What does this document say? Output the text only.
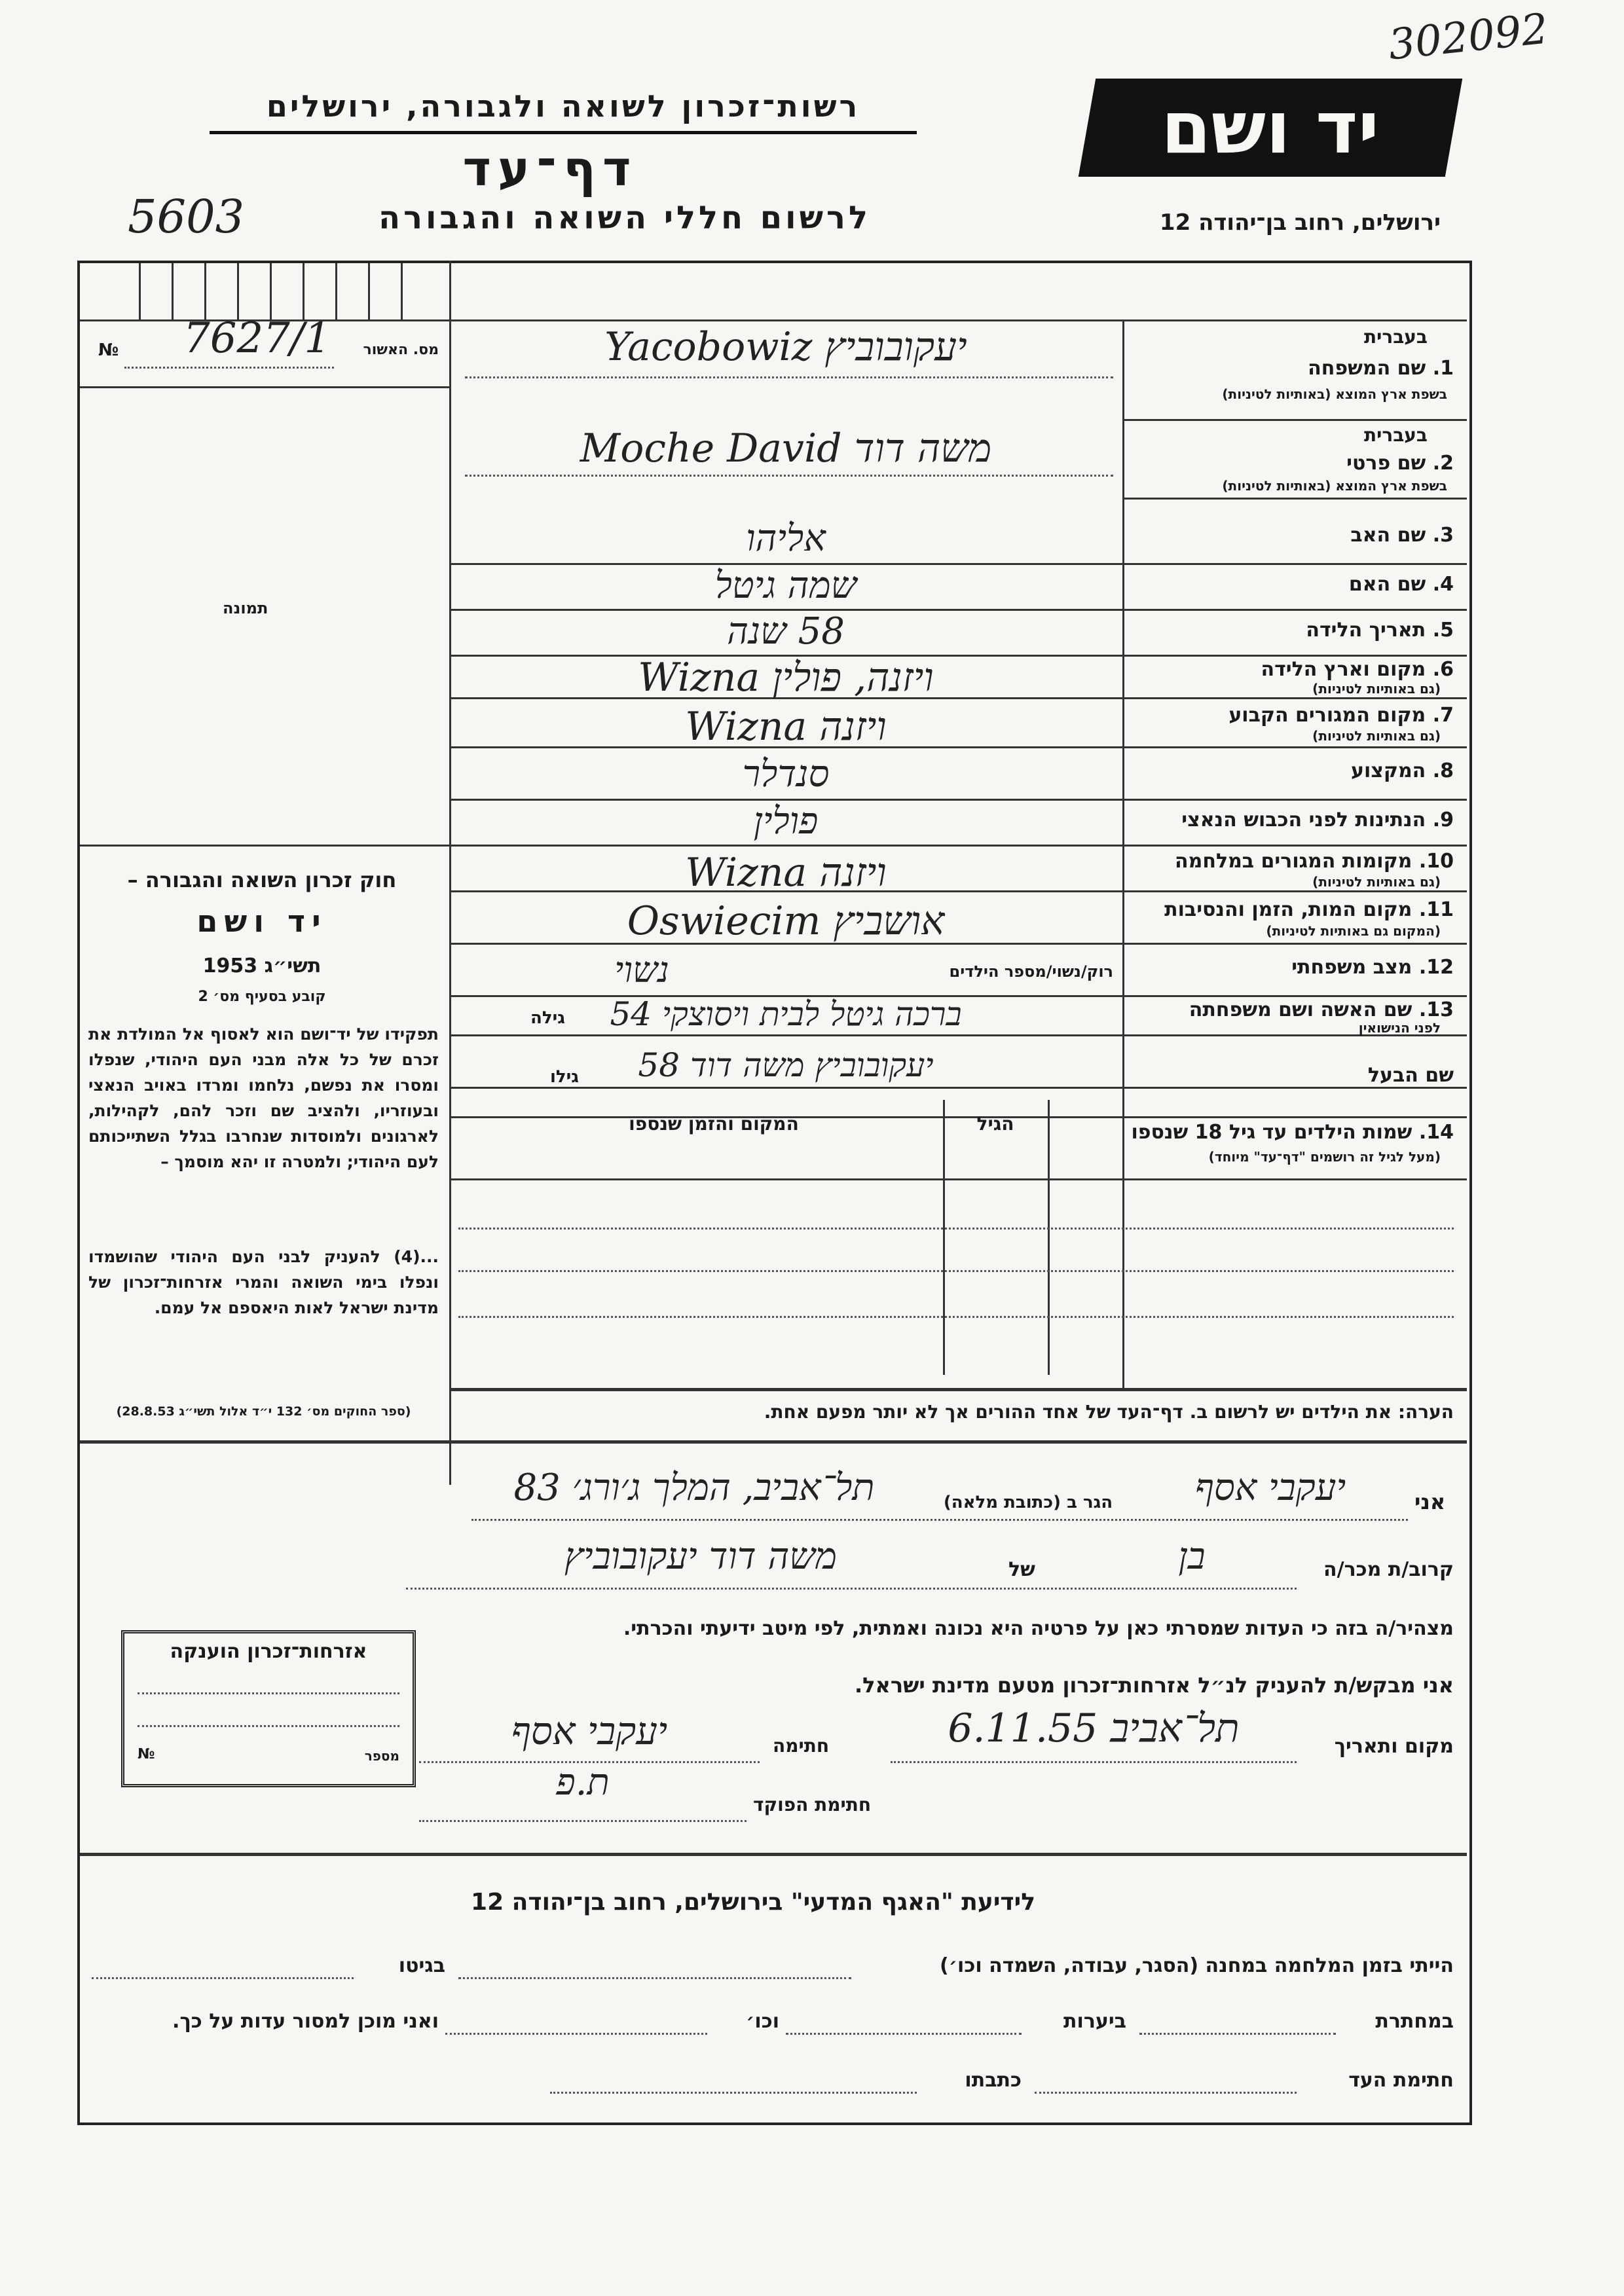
302092
רשות־זכרון לשואה ולגבורה, ירושלים	יד ושם
דף־עד
5603	לרשום חללי השואה והגבורה	ירושלים, רחוב בן־יהודה 12
מס. האשור
№ 7627/1
תמונה
חוק זכרון השואה והגבורה –
יד ושם
תשי״ג 1953
קובע בסעיף מס׳ 2
תפקידו של יד־ושם הוא לאסוף אל המולדת את זכרם של כל אלה מבני העם היהודי, שנפלו ומסרו את נפשם, נלחמו ומרדו באויב הנאצי ובעוזריו, ולהציב שם וזכר להם, לקהילות, לארגונים ולמוסדות שנחרבו בגלל השתייכותם לעם היהודי; ולמטרה זו יהא מוסמך –
...(4) להעניק לבני העם היהודי שהושמדו ונפלו בימי השואה והמרי אזרחות־זכרון של מדינת ישראל לאות היאספם אל עמם.
(ספר החוקים מס׳ 132 י״ד אלול תשי״ג 28.8.53)
בעברית
1. שם המשפחה
בשפת ארץ המוצא (באותיות לטיניות)
יעקובוביץ Yacobowiz
בעברית
2. שם פרטי
בשפת ארץ המוצא (באותיות לטיניות)
משה דוד Moche David
3. שם האב
אליהו
4. שם האם
שמה גיטל
5. תאריך הלידה
58 שנה
6. מקום וארץ הלידה
(גם באותיות לטיניות)
ויזנה, פולין Wizna
7. מקום המגורים הקבוע
(גם באותיות לטיניות)
ויזנה Wizna
8. המקצוע
סנדלר
9. הנתינות לפני הכבוש הנאצי
פולין
10. מקומות המגורים במלחמה
(גם באותיות לטיניות)
ויזנה Wizna
11. מקום המות, הזמן והנסיבות
(המקום גם באותיות לטיניות)
אושביץ Oswiecim
12. מצב משפחתי
רוק/נשוי/מספר הילדים
נשוי
13. שם האשה ושם משפחתה
לפני הנישואין
גילה	ברכה גיטל לבית ויסוצקי 54
שם הבעל
גילו	יעקובוביץ משה דוד 58
14. שמות הילדים עד גיל 18 שנספו
(מעל לגיל זה רושמים "דף־עד" מיוחד)
המקום והזמן שנספו	הגיל
הערה: את הילדים יש לרשום ב. דף־העד של אחד ההורים אך לא יותר מפעם אחת.
אני
יעקבי אסף
הגר ב (כתובת מלאה)
תל־אביב, המלך ג׳ורג׳ 83
קרוב/ת מכר/ה
בן
של
משה דוד יעקובוביץ
מצהיר/ה בזה כי העדות שמסרתי כאן על פרטיה היא נכונה ואמתית, לפי מיטב ידיעתי והכרתי.
אני מבקש/ת להעניק לנ״ל אזרחות־זכרון מטעם מדינת ישראל.
מקום ותאריך
תל־אביב 6.11.55
חתימה
יעקבי אסף
חתימת הפוקד
ת.פ
אזרחות־זכרון הוענקה
מספר
№
לידיעת "האגף המדעי" בירושלים, רחוב בן־יהודה 12
הייתי בזמן המלחמה במחנה (הסגר, עבודה, השמדה וכו׳)
בגיטו
במחתרת
ביערות
וכו׳
ואני מוכן למסור עדות על כך.
חתימת העד
כתבתו
